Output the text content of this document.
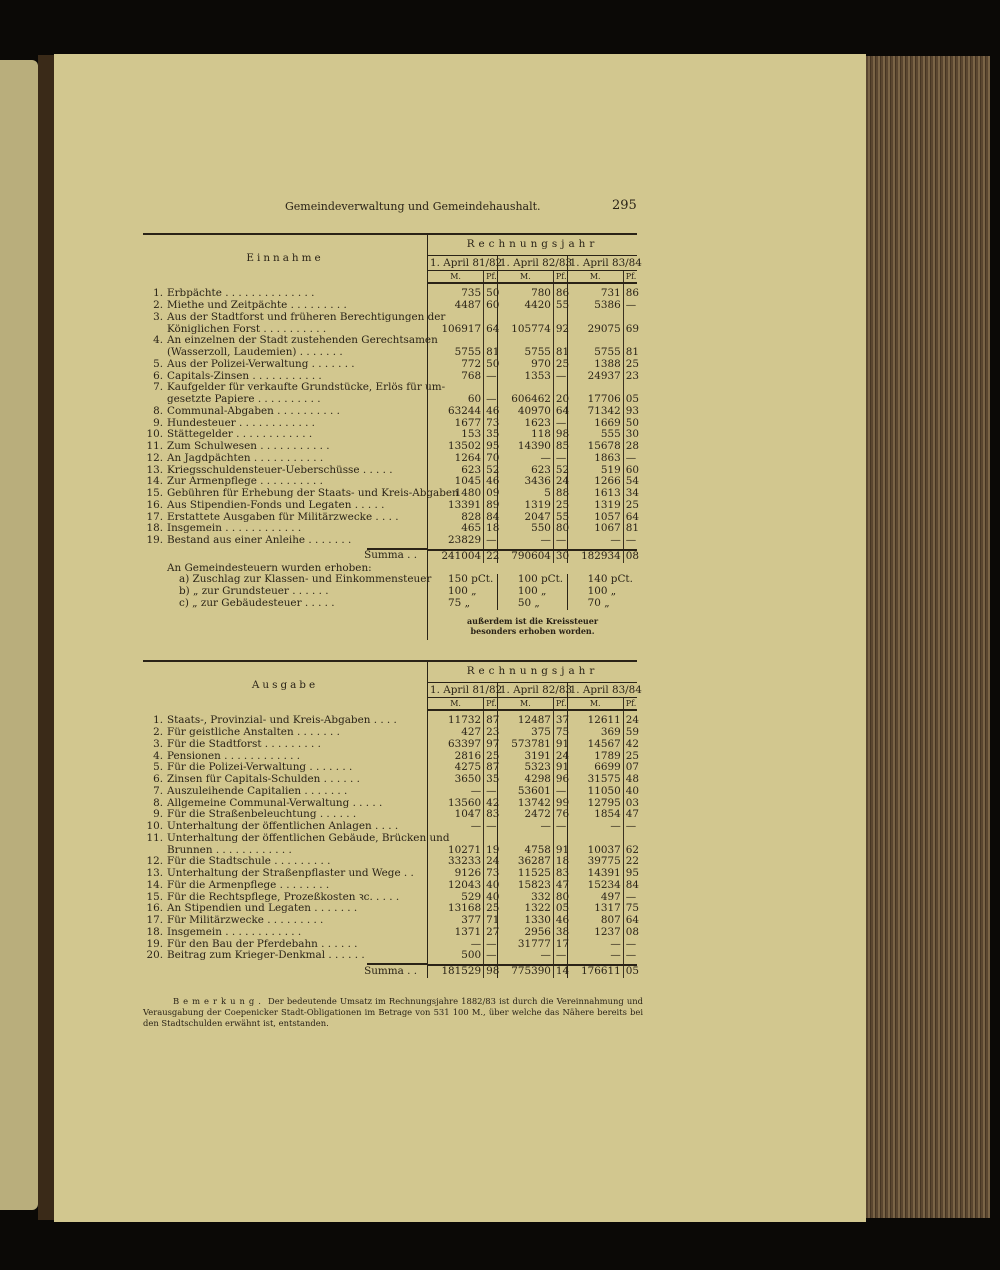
Gemeindeverwaltung und Gemeindehaushalt.	295
Einnahme	Rechnungsjahr					
	1. April 81/82		1. April 82/83		1. April 83/84	
	M.	Pf.	M.	Pf.	M.	Pf.

1. Erbpächte . . . . . . . . . . . . . .	735	50	780	86	731	86
2. Miethe und Zeitpächte . . . . . . . . .	4487	60	4420	55	5386	—
3. Aus der Stadtforst und früheren Berechtigungen der
Königlichen Forst . . . . . . . . . .	106917	64	105774	92	29075	69
4. An einzelnen der Stadt zustehenden Gerechtsamen
(Wasserzoll, Laudemien) . . . . . . .	5755	81	5755	81	5755	81
5. Aus der Polizei-Verwaltung . . . . . . .	772	50	970	25	1388	25
6. Capitals-Zinsen . . . . . . . . . . .	768	—	1353	—	24937	23
7. Kaufgelder für verkaufte Grundstücke, Erlös für um-
gesetzte Papiere . . . . . . . . . .	60	—	606462	20	17706	05
8. Communal-Abgaben . . . . . . . . . .	63244	46	40970	64	71342	93
9. Hundesteuer . . . . . . . . . . . .	1677	73	1623	—	1669	50
10. Stättegelder . . . . . . . . . . . .	153	35	118	98	555	30
11. Zum Schulwesen . . . . . . . . . . .	13502	95	14390	85	15678	28
12. An Jagdpächten . . . . . . . . . . .	1264	70	—	—	1863	—
13. Kriegsschuldensteuer-Ueberschüsse . . . . .	623	52	623	52	519	60
14. Zur Armenpflege . . . . . . . . . .	1045	46	3436	24	1266	54
15. Gebühren für Erhebung der Staats- und Kreis-Abgaben	1480	09	5	88	1613	34
16. Aus Stipendien-Fonds und Legaten . . . . .	13391	89	1319	25	1319	25
17. Erstattete Ausgaben für Militärzwecke . . . .	828	84	2047	55	1057	64
18. Insgemein . . . . . . . . . . . .	465	18	550	80	1067	81
19. Bestand aus einer Anleihe . . . . . . .	23829	—	—	—	—	—

Summa . .	241004	22	790604	30	182934	08
An Gemeindesteuern wurden erhoben:						
a) Zuschlag zur Klassen- und Einkommensteuer	150 pCt.		100 pCt.		140 pCt.	
b) „ zur Grundsteuer . . . . . .	100 „		100 „		100 „	
c) „ zur Gebäudesteuer . . . . .	75 „		50 „		70 „	
	außerdem ist die Kreissteuer besonders erhoben worden.					
Ausgabe	Rechnungsjahr					
	1. April 81/82		1. April 82/83		1. April 83/84	
	M.	Pf.	M.	Pf.	M.	Pf.

1. Staats-, Provinzial- und Kreis-Abgaben . . . .	11732	87	12487	37	12611	24
2. Für geistliche Anstalten . . . . . . .	427	23	375	75	369	59
3. Für die Stadtforst . . . . . . . . .	63397	97	573781	91	14567	42
4. Pensionen . . . . . . . . . . . .	2816	25	3191	24	1789	25
5. Für die Polizei-Verwaltung . . . . . . .	4275	87	5323	91	6699	07
6. Zinsen für Capitals-Schulden . . . . . .	3650	35	4298	96	31575	48
7. Auszuleihende Capitalien . . . . . . .	—	—	53601	—	11050	40
8. Allgemeine Communal-Verwaltung . . . . .	13560	42	13742	99	12795	03
9. Für die Straßenbeleuchtung . . . . . .	1047	83	2472	76	1854	47
10. Unterhaltung der öffentlichen Anlagen . . . .	—	—	—	—	—	—
11. Unterhaltung der öffentlichen Gebäude, Brücken und
Brunnen . . . . . . . . . . . .	10271	19	4758	91	10037	62
12. Für die Stadtschule . . . . . . . . .	33233	24	36287	18	39775	22
13. Unterhaltung der Straßenpflaster und Wege . .	9126	73	11525	83	14391	95
14. Für die Armenpflege . . . . . . . .	12043	40	15823	47	15234	84
15. Für die Rechtspflege, Prozeßkosten ꝛc. . . . .	529	40	332	80	497	—
16. An Stipendien und Legaten . . . . . . .	13168	25	1322	05	1317	75
17. Für Militärzwecke . . . . . . . . .	377	71	1330	46	807	64
18. Insgemein . . . . . . . . . . . .	1371	27	2956	38	1237	08
19. Für den Bau der Pferdebahn . . . . . .	—	—	31777	17	—	—
20. Beitrag zum Krieger-Denkmal . . . . . .	500	—	—	—	—	—

Summa . .	181529	98	775390	14	176611	05
Bemerkung. Der bedeutende Umsatz im Rechnungsjahre 1882/83 ist durch die Vereinnahmung und Verausgabung der Coepenicker Stadt-Obligationen im Betrage von 531 100 M., über welche das Nähere bereits bei den Stadtschulden erwähnt ist, entstanden.
